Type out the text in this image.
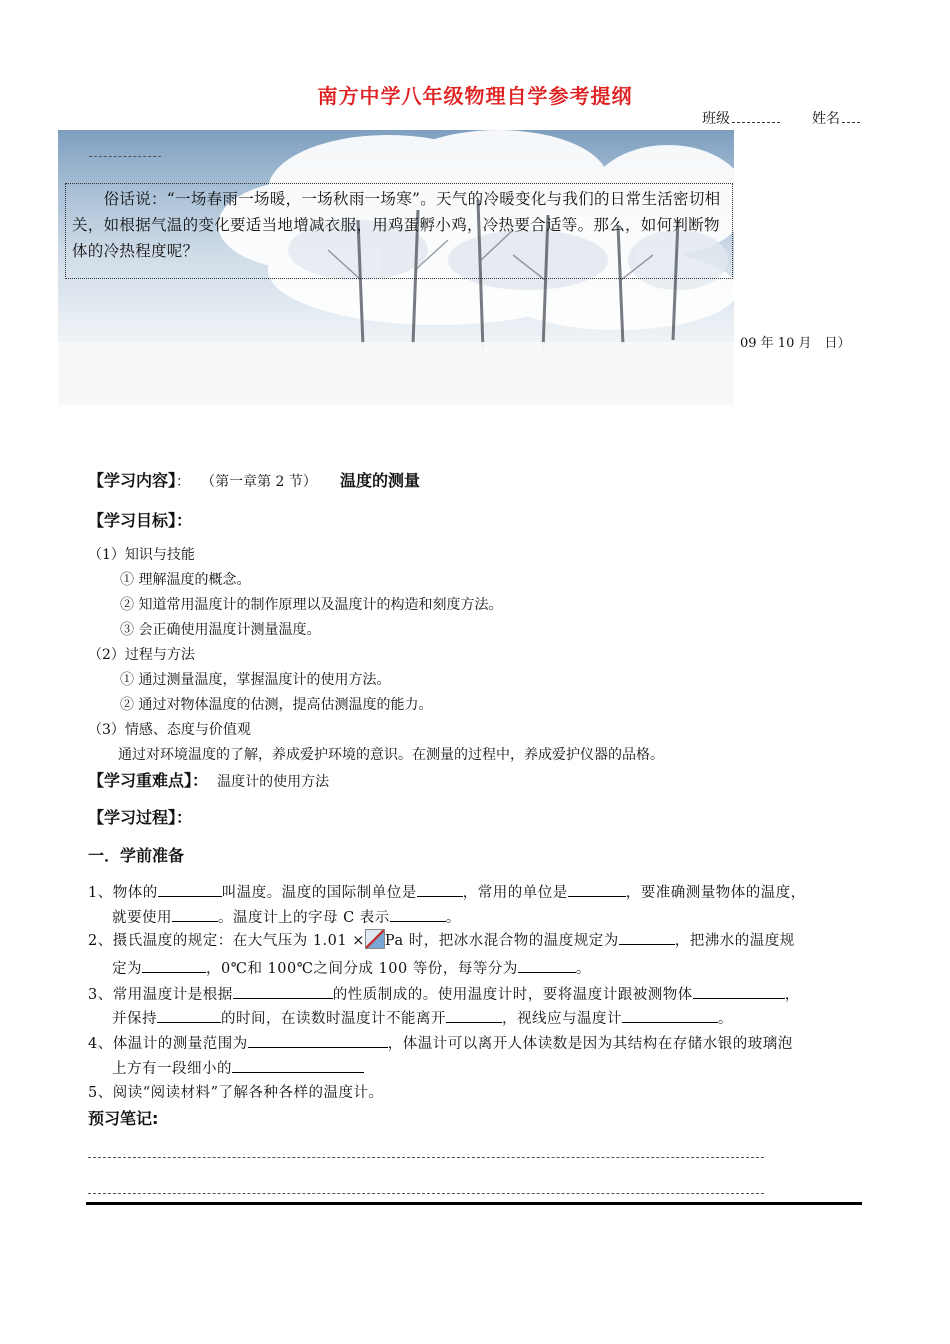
南方中学八年级物理自学参考提纲
班级	姓名
　　俗话说：“一场春雨一场暖，一场秋雨一场寒”。天气的冷暖变化与我们的日常生活密切相关，如根据气温的变化要适当地增减衣服，用鸡蛋孵小鸡，冷热要合适等。那么，如何判断物体的冷热程度呢？
09 年 10 月　日）
【学习内容】： （第一章第 2 节） 温度的测量
【学习目标】：
（1）知识与技能
① 理解温度的概念。
② 知道常用温度计的制作原理以及温度计的构造和刻度方法。
③ 会正确使用温度计测量温度。
（2）过程与方法
① 通过测量温度，掌握温度计的使用方法。
② 通过对物体温度的估测，提高估测温度的能力。
（3）情感、态度与价值观
通过对环境温度的了解，养成爱护环境的意识。在测量的过程中，养成爱护仪器的品格。
【学习重难点】： 温度计的使用方法
【学习过程】：
一．学前准备
1、物体的	叫温度。温度的国际制单位是	，常用的单位是	，要准确测量物体的温度，
就要使用	。温度计上的字母 C 表示	。
2、摄氏温度的规定：在大气压为 1.01 × Pa 时，把冰水混合物的温度规定为	，把沸水的温度规
定为	，0℃和 100℃之间分成 100 等份，每等分为	。
3、常用温度计是根据	的性质制成的。使用温度计时，要将温度计跟被测物体	，
并保持	的时间，在读数时温度计不能离开	，视线应与温度计	。
4、体温计的测量范围为	，体温计可以离开人体读数是因为其结构在存储水银的玻璃泡
上方有一段细小的
5、阅读“阅读材料”了解各种各样的温度计。
预习笔记:
